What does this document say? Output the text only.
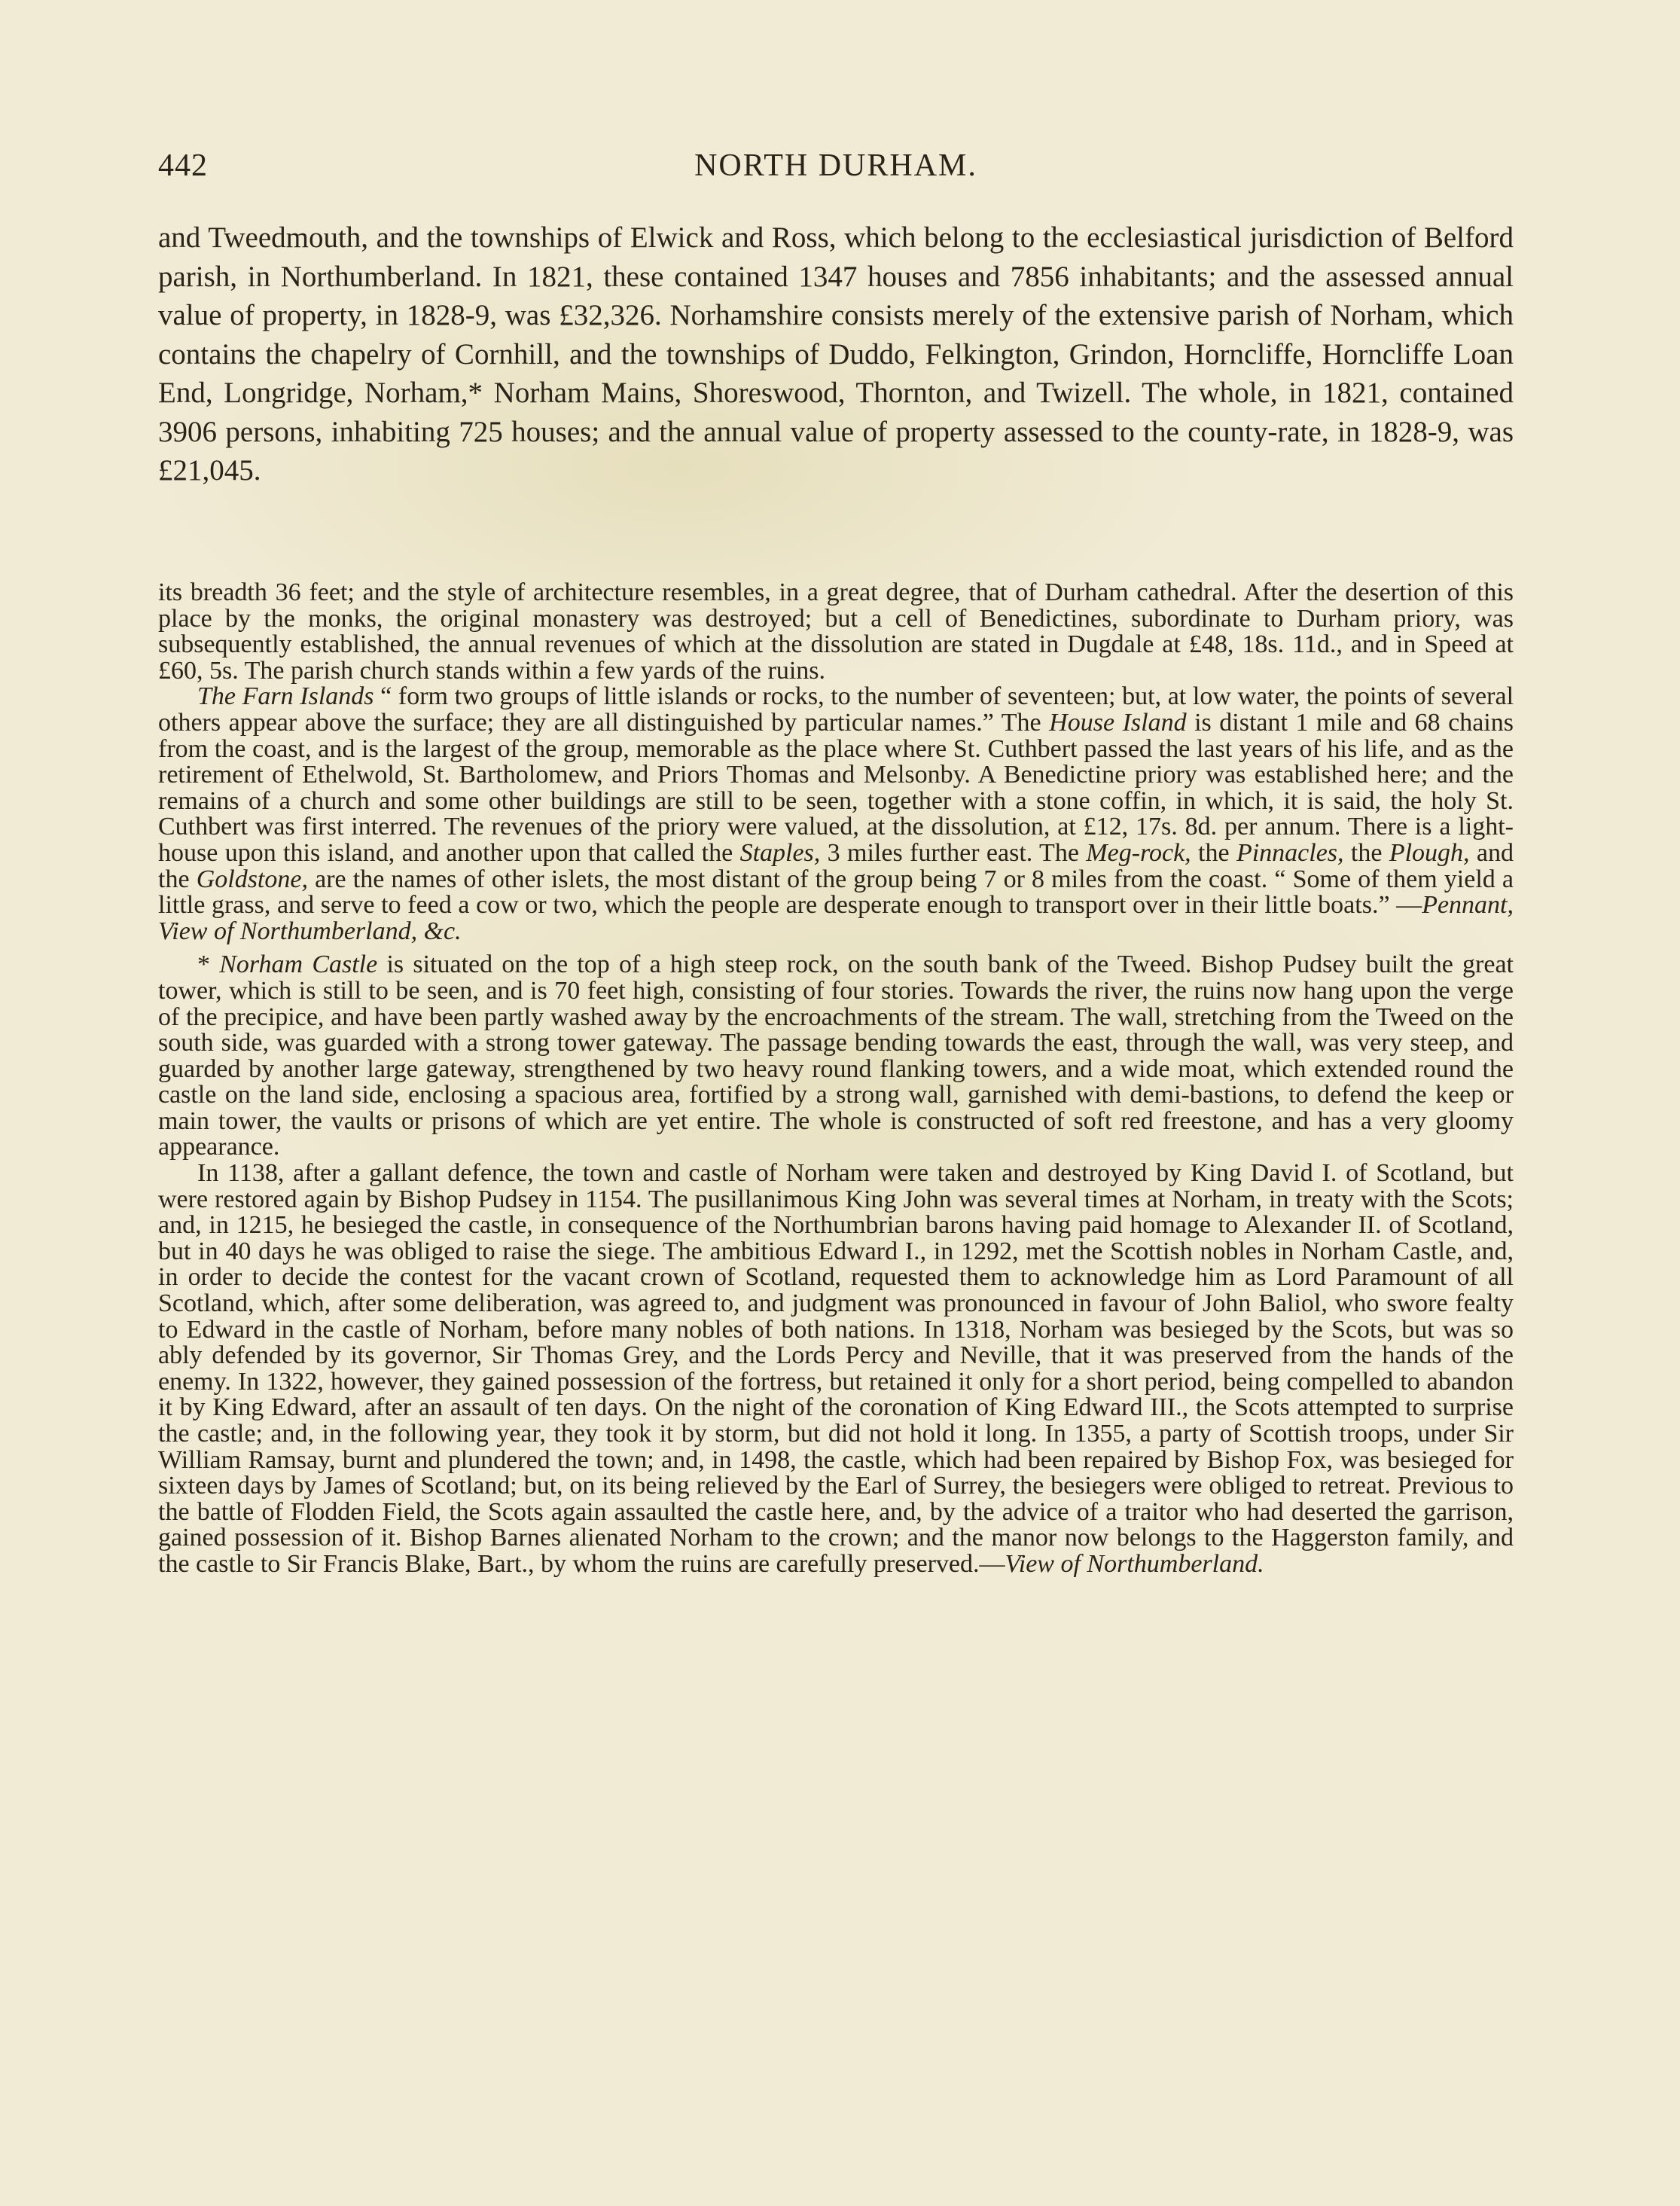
442	NORTH DURHAM.

and Tweedmouth, and the townships of Elwick and Ross, which belong to the ecclesiastical jurisdiction of Belford parish, in Northumberland. In 1821, these contained 1347 houses and 7856 inhabitants; and the assessed annual value of property, in 1828-9, was £32,326. Norhamshire consists merely of the extensive parish of Norham, which contains the chapelry of Cornhill, and the townships of Duddo, Felkington, Grindon, Horncliffe, Horncliffe Loan End, Longridge, Norham,* Norham Mains, Shoreswood, Thornton, and Twizell. The whole, in 1821, contained 3906 persons, inhabiting 725 houses; and the annual value of property assessed to the county-rate, in 1828-9, was £21,045.

its breadth 36 feet; and the style of architecture resembles, in a great degree, that of Durham cathedral. After the desertion of this place by the monks, the original monastery was destroyed; but a cell of Benedictines, subordinate to Durham priory, was subsequently established, the annual revenues of which at the dissolution are stated in Dugdale at £48, 18s. 11d., and in Speed at £60, 5s. The parish church stands within a few yards of the ruins.

The Farn Islands “ form two groups of little islands or rocks, to the number of seventeen; but, at low water, the points of several others appear above the surface; they are all distinguished by particular names.” The House Island is distant 1 mile and 68 chains from the coast, and is the largest of the group, memorable as the place where St. Cuthbert passed the last years of his life, and as the retirement of Ethelwold, St. Bartholomew, and Priors Thomas and Melsonby. A Benedictine priory was established here; and the remains of a church and some other buildings are still to be seen, together with a stone coffin, in which, it is said, the holy St. Cuthbert was first interred. The revenues of the priory were valued, at the dissolution, at £12, 17s. 8d. per annum. There is a light-house upon this island, and another upon that called the Staples, 3 miles further east. The Meg-rock, the Pinnacles, the Plough, and the Goldstone, are the names of other islets, the most distant of the group being 7 or 8 miles from the coast. “ Some of them yield a little grass, and serve to feed a cow or two, which the people are desperate enough to transport over in their little boats.” —Pennant, View of Northumberland, &c.

* Norham Castle is situated on the top of a high steep rock, on the south bank of the Tweed. Bishop Pudsey built the great tower, which is still to be seen, and is 70 feet high, consisting of four stories. Towards the river, the ruins now hang upon the verge of the precipice, and have been partly washed away by the encroachments of the stream. The wall, stretching from the Tweed on the south side, was guarded with a strong tower gateway. The passage bending towards the east, through the wall, was very steep, and guarded by another large gateway, strengthened by two heavy round flanking towers, and a wide moat, which extended round the castle on the land side, enclosing a spacious area, fortified by a strong wall, garnished with demi-bastions, to defend the keep or main tower, the vaults or prisons of which are yet entire. The whole is constructed of soft red freestone, and has a very gloomy appearance.

In 1138, after a gallant defence, the town and castle of Norham were taken and destroyed by King David I. of Scotland, but were restored again by Bishop Pudsey in 1154. The pusillanimous King John was several times at Norham, in treaty with the Scots; and, in 1215, he besieged the castle, in consequence of the Northumbrian barons having paid homage to Alexander II. of Scotland, but in 40 days he was obliged to raise the siege. The ambitious Edward I., in 1292, met the Scottish nobles in Norham Castle, and, in order to decide the contest for the vacant crown of Scotland, requested them to acknowledge him as Lord Paramount of all Scotland, which, after some deliberation, was agreed to, and judgment was pronounced in favour of John Baliol, who swore fealty to Edward in the castle of Norham, before many nobles of both nations. In 1318, Norham was besieged by the Scots, but was so ably defended by its governor, Sir Thomas Grey, and the Lords Percy and Neville, that it was preserved from the hands of the enemy. In 1322, however, they gained possession of the fortress, but retained it only for a short period, being compelled to abandon it by King Edward, after an assault of ten days. On the night of the coronation of King Edward III., the Scots attempted to surprise the castle; and, in the following year, they took it by storm, but did not hold it long. In 1355, a party of Scottish troops, under Sir William Ramsay, burnt and plundered the town; and, in 1498, the castle, which had been repaired by Bishop Fox, was besieged for sixteen days by James of Scotland; but, on its being relieved by the Earl of Surrey, the besiegers were obliged to retreat. Previous to the battle of Flodden Field, the Scots again assaulted the castle here, and, by the advice of a traitor who had deserted the garrison, gained possession of it. Bishop Barnes alienated Norham to the crown; and the manor now belongs to the Haggerston family, and the castle to Sir Francis Blake, Bart., by whom the ruins are carefully preserved.—View of Northumberland.
